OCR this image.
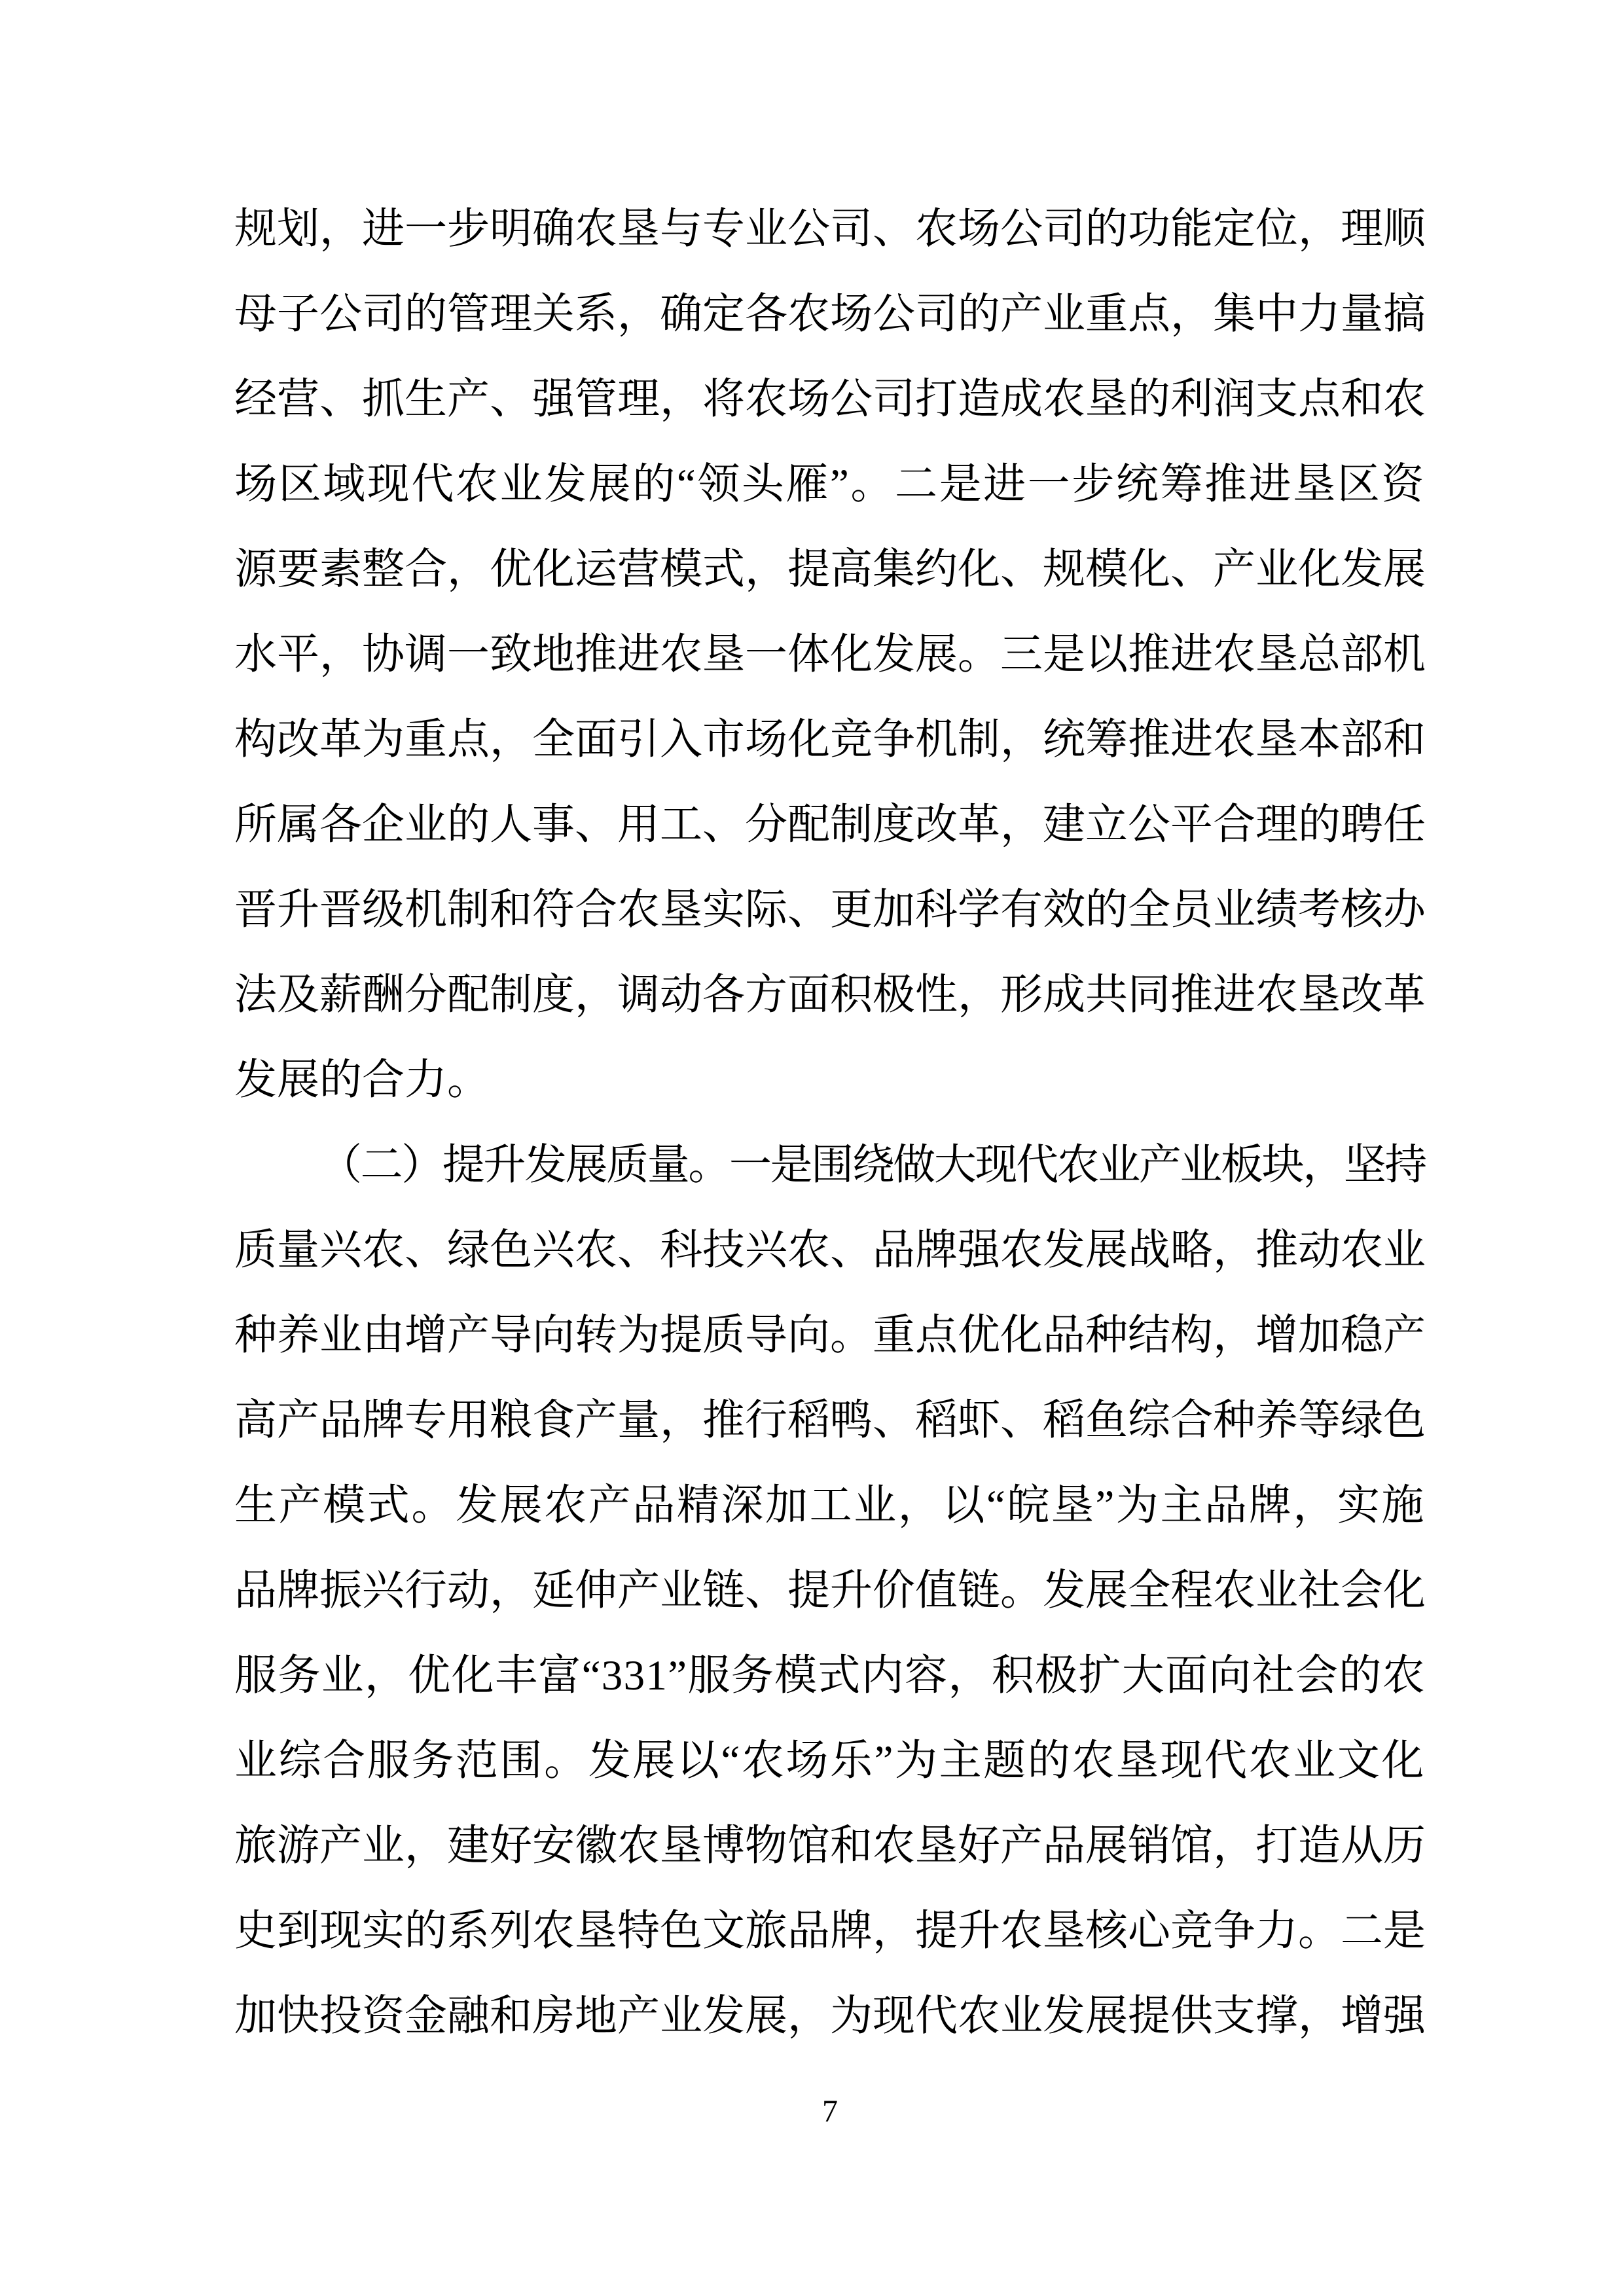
规划，进一步明确农垦与专业公司、农场公司的功能定位，理顺
母子公司的管理关系，确定各农场公司的产业重点，集中力量搞
经营、抓生产、强管理，将农场公司打造成农垦的利润支点和农
场区域现代农业发展的“领头雁”。二是进一步统筹推进垦区资
源要素整合，优化运营模式，提高集约化、规模化、产业化发展
水平，协调一致地推进农垦一体化发展。三是以推进农垦总部机
构改革为重点，全面引入市场化竞争机制，统筹推进农垦本部和
所属各企业的人事、用工、分配制度改革，建立公平合理的聘任
晋升晋级机制和符合农垦实际、更加科学有效的全员业绩考核办
法及薪酬分配制度，调动各方面积极性，形成共同推进农垦改革
发展的合力。
（二）提升发展质量。一是围绕做大现代农业产业板块，坚持
质量兴农、绿色兴农、科技兴农、品牌强农发展战略，推动农业
种养业由增产导向转为提质导向。重点优化品种结构，增加稳产
高产品牌专用粮食产量，推行稻鸭、稻虾、稻鱼综合种养等绿色
生产模式。发展农产品精深加工业，以“皖垦”为主品牌，实施
品牌振兴行动，延伸产业链、提升价值链。发展全程农业社会化
服务业，优化丰富“331”服务模式内容，积极扩大面向社会的农
业综合服务范围。发展以“农场乐”为主题的农垦现代农业文化
旅游产业，建好安徽农垦博物馆和农垦好产品展销馆，打造从历
史到现实的系列农垦特色文旅品牌，提升农垦核心竞争力。二是
加快投资金融和房地产业发展，为现代农业发展提供支撑，增强
7
